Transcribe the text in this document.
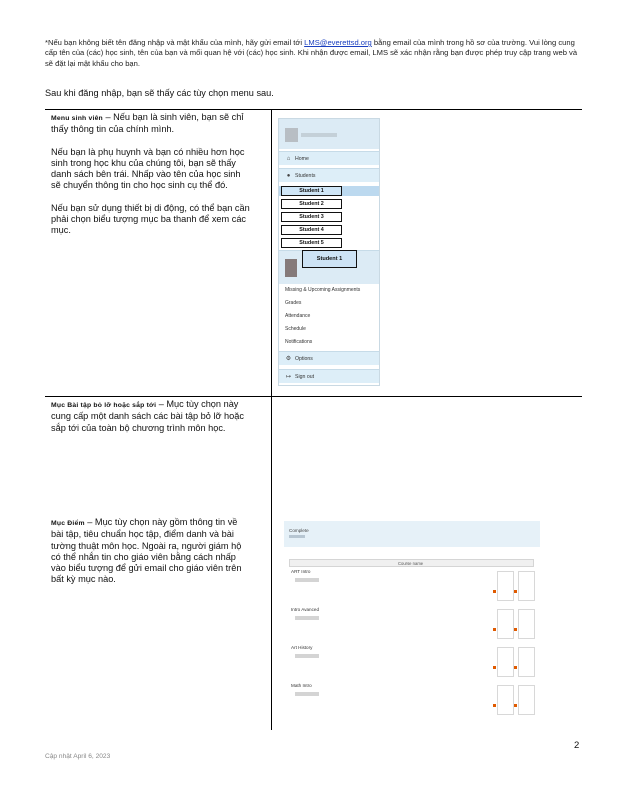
*Nếu bạn không biết tên đăng nhập và mật khẩu của mình, hãy gửi email tới LMS@everettsd.org bằng email của mình trong hồ sơ của trường. Vui lòng cung cấp tên của (các) học sinh, tên của bạn và mối quan hệ với (các) học sinh. Khi nhận được email, LMS sẽ xác nhận rằng bạn được phép truy cập trang web và sẽ đặt lại mật khẩu cho bạn.
Sau khi đăng nhập, bạn sẽ thấy các tùy chọn menu sau.

Menu sinh viên – Nếu bạn là sinh viên, bạn sẽ chỉ thấy thông tin của chính mình.

Nếu bạn là phụ huynh và bạn có nhiều hơn học sinh trong học khu của chúng tôi, bạn sẽ thấy danh sách bên trái. Nhấp vào tên của học sinh sẽ chuyển thông tin cho học sinh cụ thể đó.

Nếu bạn sử dụng thiết bị di động, có thể bạn cần phải chọn biểu tượng mục ba thanh để xem các mục.

⌂ Home
● Students
Student 1
Student 2
Student 3
Student 4
Student 5
Student 1
Missing & Upcoming Assignments
Grades
Attendance
Schedule
Notifications
⚙ Options
↦ Sign out

Mục Bài tập bỏ lỡ hoặc sắp tới – Mục tùy chọn này cung cấp một danh sách các bài tập bỏ lỡ hoặc sắp tới của toàn bộ chương trình môn học.

Mục Điểm – Mục tùy chọn này gồm thông tin về bài tập, tiêu chuẩn học tập, điểm danh và bài tường thuật môn học. Ngoài ra, người giám hộ có thể nhắn tin cho giáo viên bằng cách nhấp vào biểu tượng để gửi email cho giáo viên trên bất kỳ mục nào.

Complete
Course name
ART Intro
Intro Avanced
Art History
Math Intro
2
Cập nhật April 6, 2023
